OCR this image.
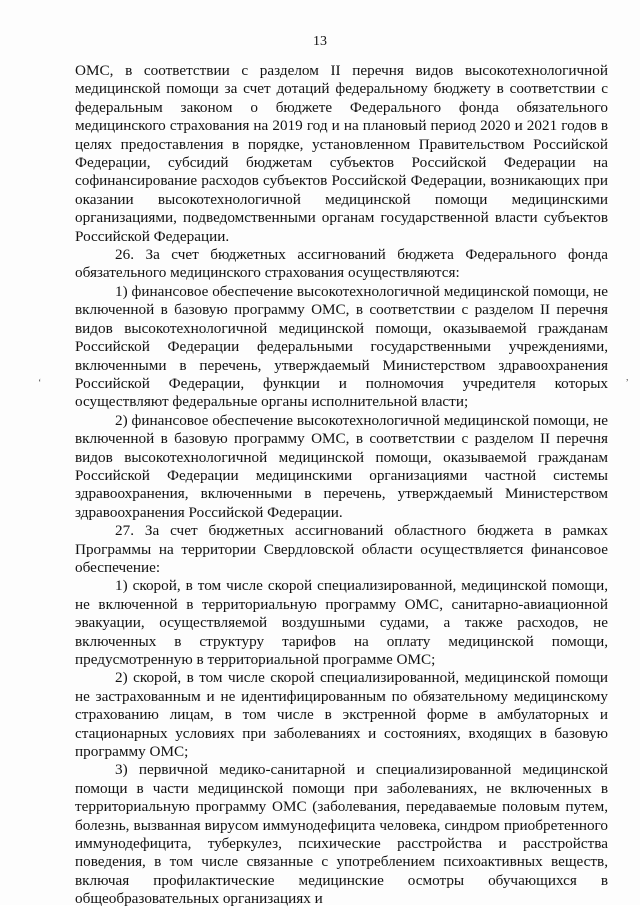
13
‘
,

ОМС, в соответствии с разделом II перечня видов высокотехнологичной медицинской помощи за счет дотаций федеральному бюджету в соответствии с федеральным законом о бюджете Федерального фонда обязательного медицинского страхования на 2019 год и на плановый период 2020 и 2021 годов в целях предоставления в порядке, установленном Правительством Российской Федерации, субсидий бюджетам субъектов Российской Федерации на софинансирование расходов субъектов Российской Федерации, возникающих при оказании высокотехнологичной медицинской помощи медицинскими организациями, подведомственными органам государственной власти субъектов Российской Федерации.

26. За счет бюджетных ассигнований бюджета Федерального фонда обязательного медицинского страхования осуществляются:

1) финансовое обеспечение высокотехнологичной медицинской помощи, не включенной в базовую программу ОМС, в соответствии с разделом II перечня видов высокотехнологичной медицинской помощи, оказываемой гражданам Российской Федерации федеральными государственными учреждениями, включенными в перечень, утверждаемый Министерством здравоохранения Российской Федерации, функции и полномочия учредителя которых осуществляют федеральные органы исполнительной власти;

2) финансовое обеспечение высокотехнологичной медицинской помощи, не включенной в базовую программу ОМС, в соответствии с разделом II перечня видов высокотехнологичной медицинской помощи, оказываемой гражданам Российской Федерации медицинскими организациями частной системы здравоохранения, включенными в перечень, утверждаемый Министерством здравоохранения Российской Федерации.

27. За счет бюджетных ассигнований областного бюджета в рамках Программы на территории Свердловской области осуществляется финансовое обеспечение:

1) скорой, в том числе скорой специализированной, медицинской помощи, не включенной в территориальную программу ОМС, санитарно-авиационной эвакуации, осуществляемой воздушными судами, а также расходов, не включенных в структуру тарифов на оплату медицинской помощи, предусмотренную в территориальной программе ОМС;

2) скорой, в том числе скорой специализированной, медицинской помощи не застрахованным и не идентифицированным по обязательному медицинскому страхованию лицам, в том числе в экстренной форме в амбулаторных и стационарных условиях при заболеваниях и состояниях, входящих в базовую программу ОМС;

3) первичной медико-санитарной и специализированной медицинской помощи в части медицинской помощи при заболеваниях, не включенных в территориальную программу ОМС (заболевания, передаваемые половым путем, болезнь, вызванная вирусом иммунодефицита человека, синдром приобретенного иммунодефицита, туберкулез, психические расстройства и расстройства поведения, в том числе связанные с употреблением психоактивных веществ, включая профилактические медицинские осмотры обучающихся в общеобразовательных организациях и
